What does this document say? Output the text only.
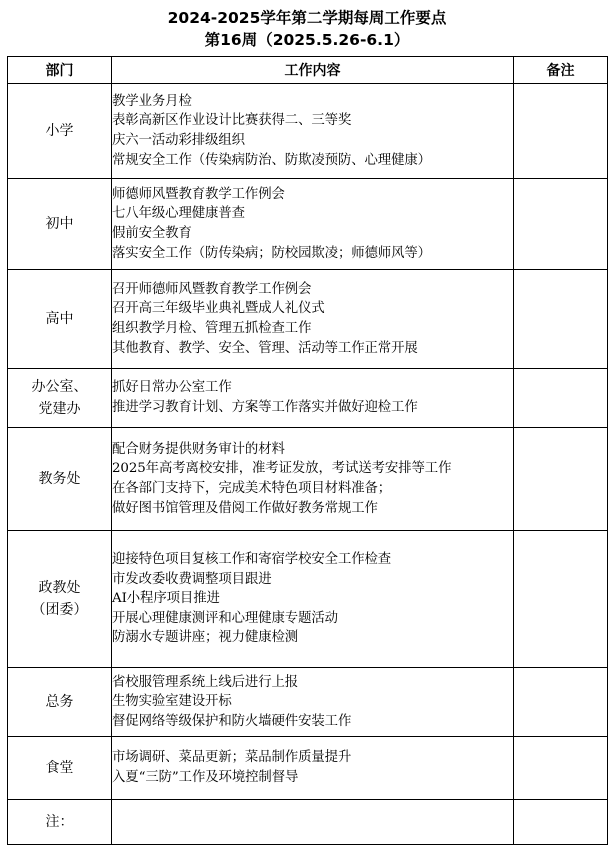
2024-2025学年第二学期每周工作要点
第16周（2025.5.26-6.1）
部门	工作内容	备注

小学	教学业务月检
表彰高新区作业设计比赛获得二、三等奖
庆六一活动彩排级组织
常规安全工作（传染病防治、防欺凌预防、心理健康）	

初中	师德师风暨教育教学工作例会
七八年级心理健康普查
假前安全教育
落实安全工作（防传染病；防校园欺凌；师德师风等）	

高中	召开师德师风暨教育教学工作例会
召开高三年级毕业典礼暨成人礼仪式
组织教学月检、管理五抓检查工作
其他教育、教学、安全、管理、活动等工作正常开展	

办公室、
党建办	抓好日常办公室工作
推进学习教育计划、方案等工作落实并做好迎检工作	

教务处	配合财务提供财务审计的材料
2025年高考离校安排，准考证发放，考试送考安排等工作
在各部门支持下，完成美术特色项目材料准备；
做好图书馆管理及借阅工作做好教务常规工作	

政教处
（团委）	迎接特色项目复核工作和寄宿学校安全工作检查
市发改委收费调整项目跟进
AI小程序项目推进
开展心理健康测评和心理健康专题活动
防溺水专题讲座；视力健康检测	

总务	省校服管理系统上线后进行上报
生物实验室建设开标
督促网络等级保护和防火墙硬件安装工作	

食堂	市场调研、菜品更新；菜品制作质量提升
入夏“三防”工作及环境控制督导	

注：		
